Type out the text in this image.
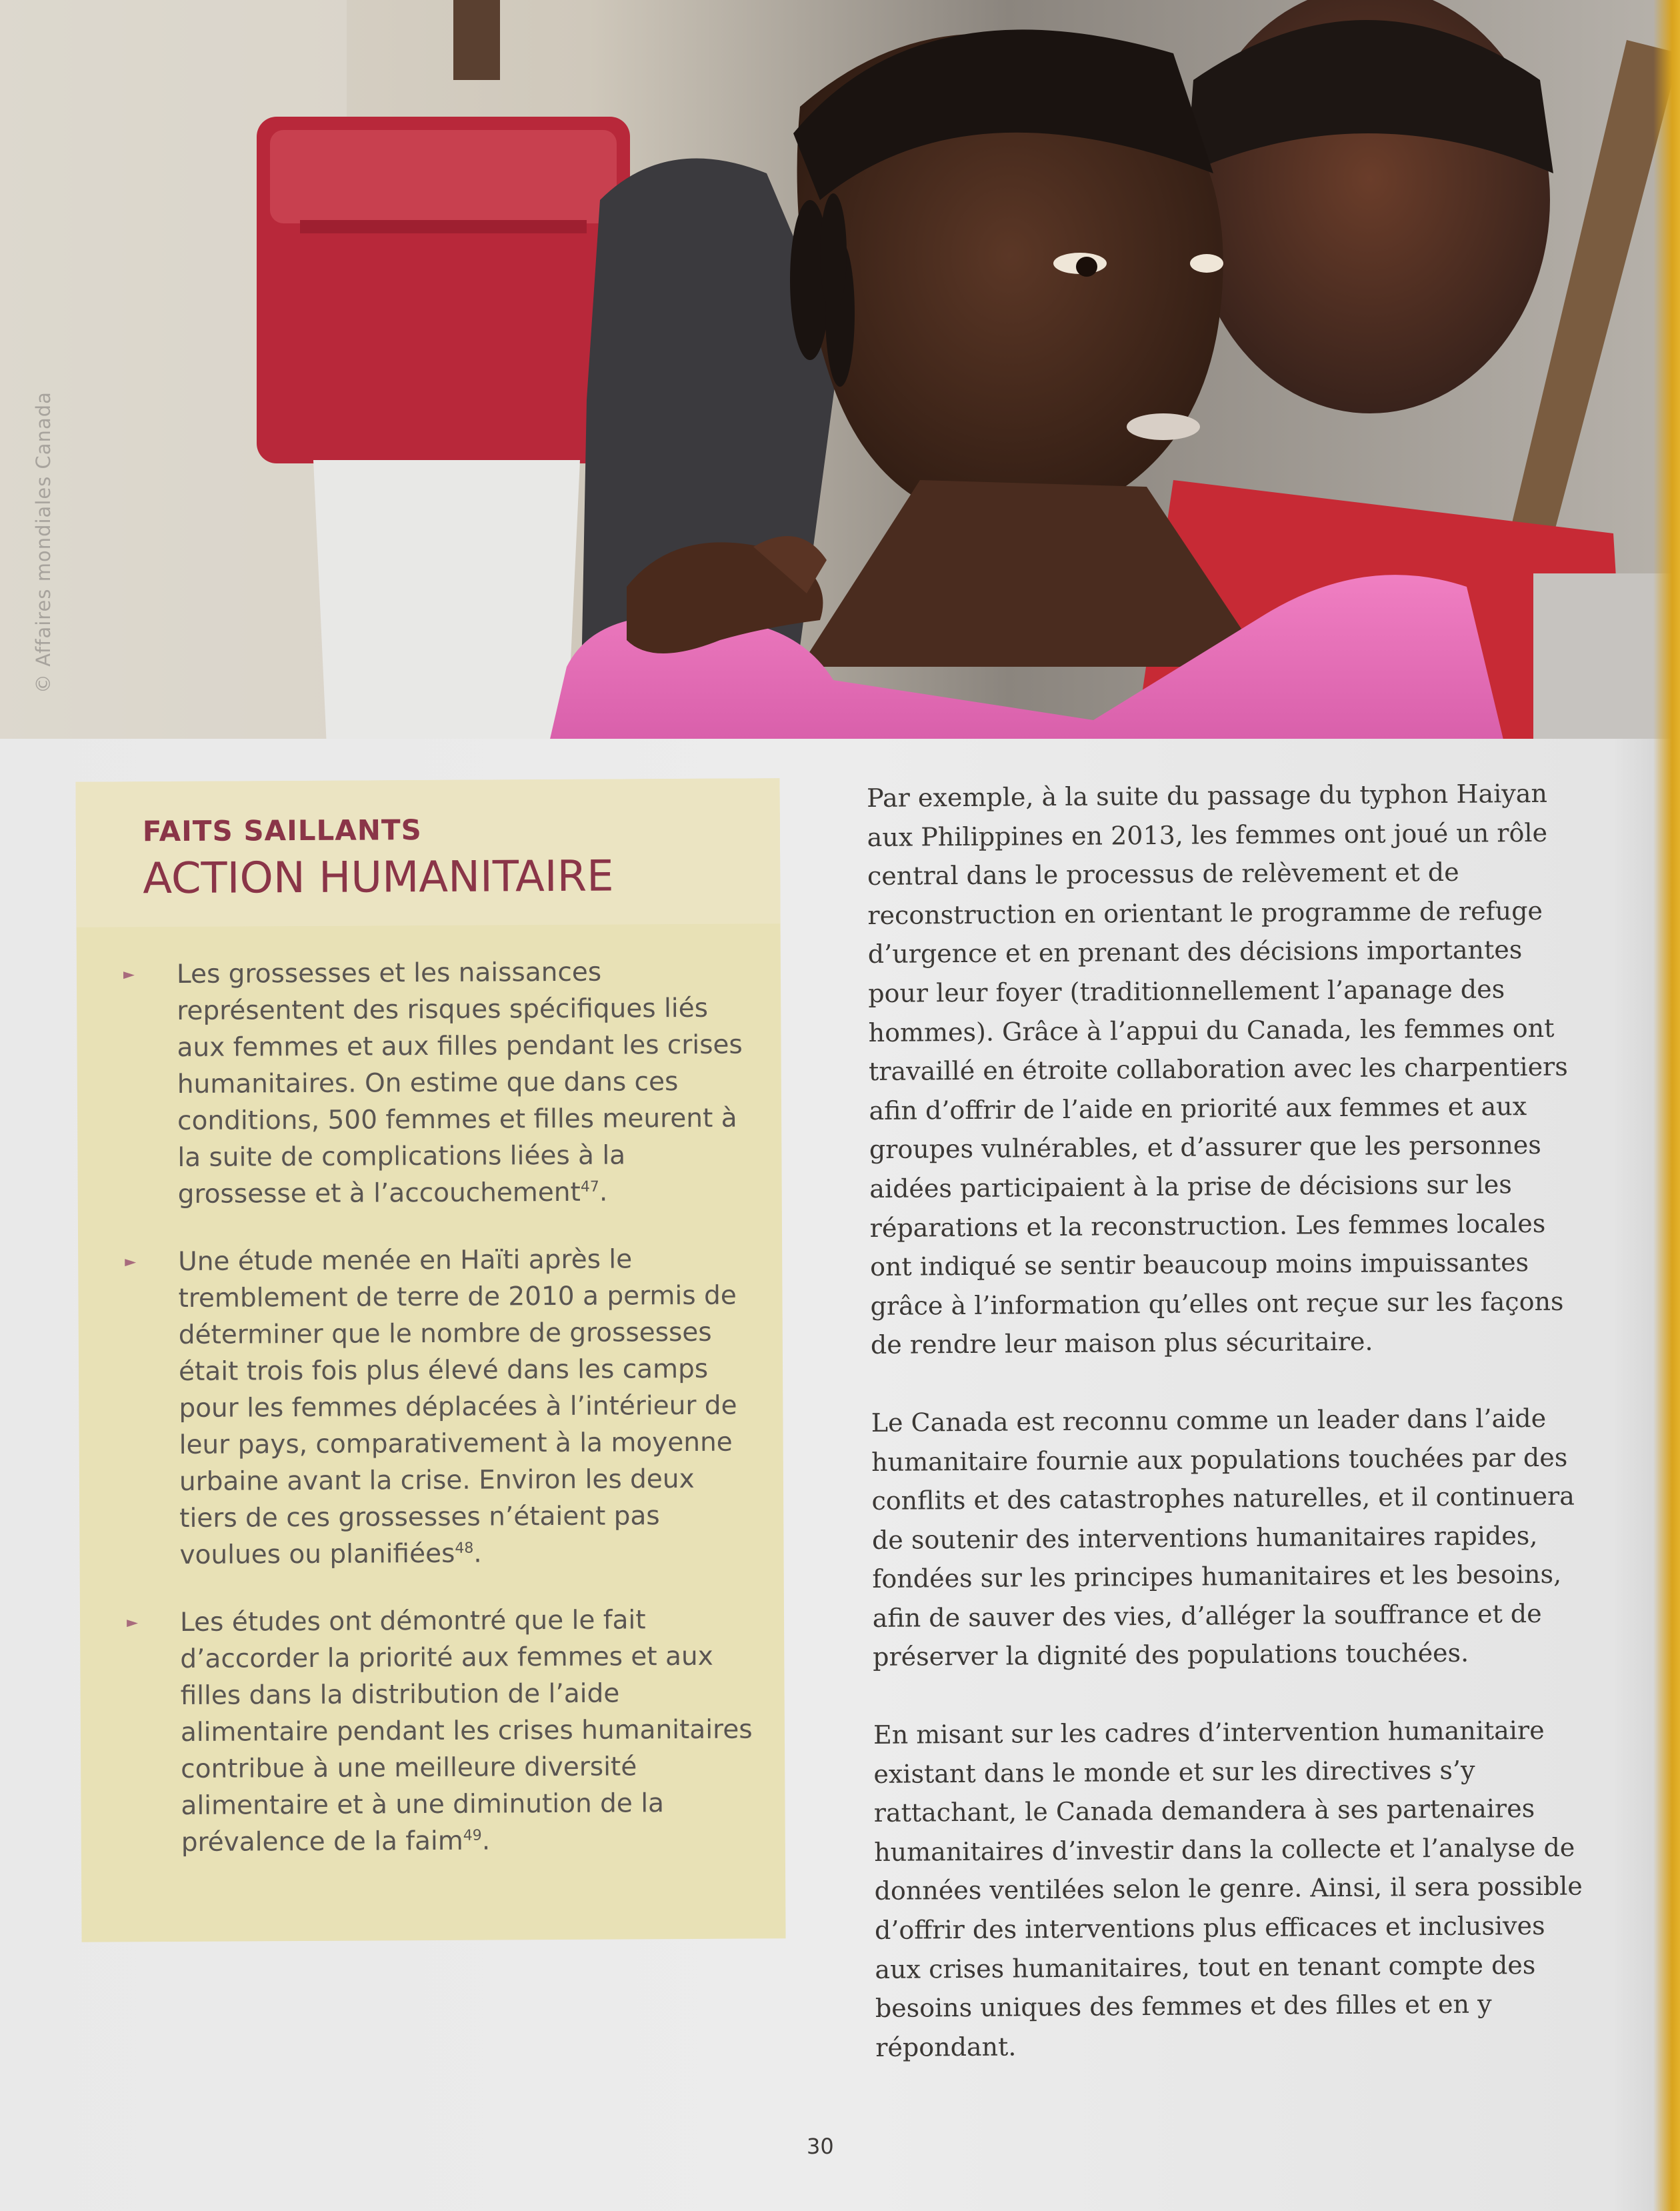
© Affaires mondiales Canada

FAITS SAILLANTS

ACTION HUMANITAIRE
► Les grossesses et les naissances représentent des risques spécifiques liés aux femmes et aux filles pendant les crises humanitaires. On estime que dans ces conditions, 500 femmes et filles meurent à la suite de complications liées à la grossesse et à l’accouchement$^{47}$.
► Une étude menée en Haïti après le tremblement de terre de 2010 a permis de déterminer que le nombre de grossesses était trois fois plus élevé dans les camps pour les femmes déplacées à l’intérieur de leur pays, comparativement à la moyenne urbaine avant la crise. Environ les deux tiers de ces grossesses n’étaient pas voulues ou planifiées$^{48}$.
► Les études ont démontré que le fait d’accorder la priorité aux femmes et aux filles dans la distribution de l’aide alimentaire pendant les crises humanitaires contribue à une meilleure diversité alimentaire et à une diminution de la prévalence de la faim$^{49}$.

Par exemple, à la suite du passage du typhon Haiyan aux Philippines en 2013, les femmes ont joué un rôle central dans le processus de relèvement et de reconstruction en orientant le programme de refuge d’urgence et en prenant des décisions importantes pour leur foyer (traditionnellement l’apanage des hommes). Grâce à l’appui du Canada, les femmes ont travaillé en étroite collaboration avec les charpentiers afin d’offrir de l’aide en priorité aux femmes et aux groupes vulnérables, et d’assurer que les personnes aidées participaient à la prise de décisions sur les réparations et la reconstruction. Les femmes locales ont indiqué se sentir beaucoup moins impuissantes grâce à l’information qu’elles ont reçue sur les façons de rendre leur maison plus sécuritaire.

Le Canada est reconnu comme un leader dans l’aide humanitaire fournie aux populations touchées par des conflits et des catastrophes naturelles, et il continuera de soutenir des interventions humanitaires rapides, fondées sur les principes humanitaires et les besoins, afin de sauver des vies, d’alléger la souffrance et de préserver la dignité des populations touchées.

En misant sur les cadres d’intervention humanitaire existant dans le monde et sur les directives s’y rattachant, le Canada demandera à ses partenaires humanitaires d’investir dans la collecte et l’analyse de données ventilées selon le genre. Ainsi, il sera possible d’offrir des interventions plus efficaces et inclusives aux crises humanitaires, tout en tenant compte des besoins uniques des femmes et des filles et en y répondant.

30
